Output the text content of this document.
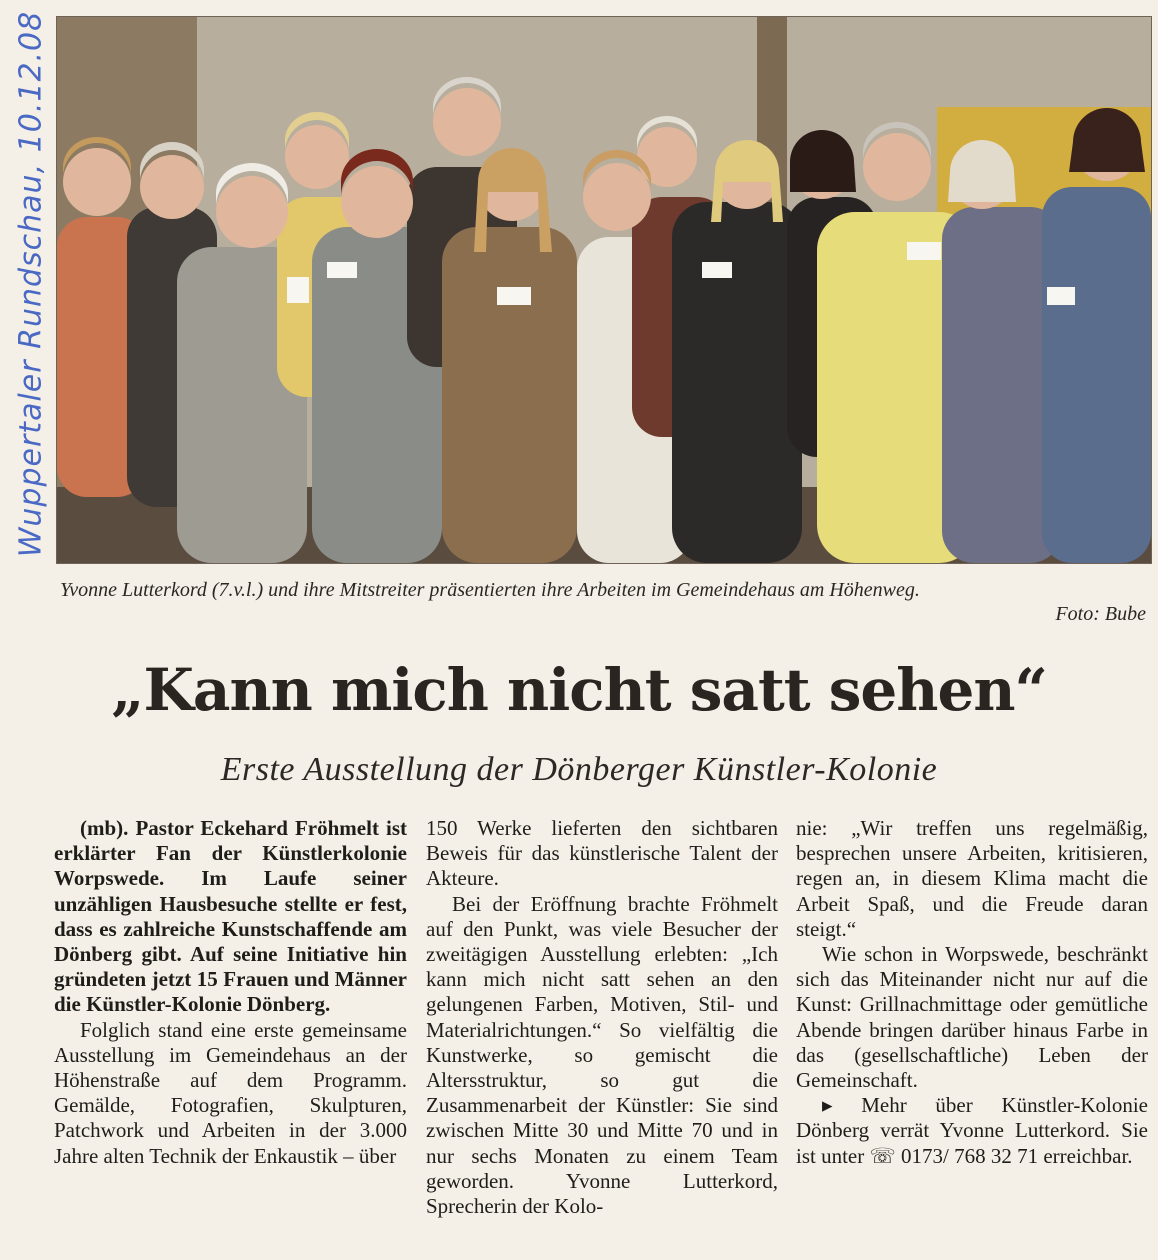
Wuppertaler Rundschau, 10.12.08
Yvonne Lutterkord (7.v.l.) und ihre Mitstreiter präsentierten ihre Arbeiten im Gemeindehaus am Höhenweg.
Foto: Bube
„Kann mich nicht satt sehen“
Erste Ausstellung der Dönberger Künstler-Kolonie

(mb). Pastor Eckehard Fröhmelt ist erklärter Fan der Künstlerkolonie Worpswede. Im Laufe seiner unzähligen Hausbesuche stellte er fest, dass es zahlreiche Kunstschaffende am Dönberg gibt. Auf seine Initiative hin gründeten jetzt 15 Frauen und Männer die Künstler-Kolonie Dönberg.

Folglich stand eine erste gemeinsame Ausstellung im Gemeindehaus an der Höhenstraße auf dem Programm. Gemälde, Fotografien, Skulpturen, Patchwork und Arbeiten in der 3.000 Jahre alten Technik der Enkaustik – über

150 Werke lieferten den sichtbaren Beweis für das künstlerische Talent der Akteure.

Bei der Eröffnung brachte Fröhmelt auf den Punkt, was viele Besucher der zweitägigen Ausstellung erlebten: „Ich kann mich nicht satt sehen an den gelungenen Farben, Motiven, Stil- und Materialrichtungen.“ So vielfältig die Kunstwerke, so gemischt die Altersstruktur, so gut die Zusammenarbeit der Künstler: Sie sind zwischen Mitte 30 und Mitte 70 und in nur sechs Monaten zu einem Team geworden. Yvonne Lutterkord, Sprecherin der Kolo-

nie: „Wir treffen uns regelmäßig, besprechen unsere Arbeiten, kritisieren, regen an, in diesem Klima macht die Arbeit Spaß, und die Freude daran steigt.“

Wie schon in Worpswede, beschränkt sich das Miteinander nicht nur auf die Kunst: Grillnachmittage oder gemütliche Abende bringen darüber hinaus Farbe in das (gesellschaftliche) Leben der Gemeinschaft.

▸ Mehr über Künstler-Kolonie Dönberg verrät Yvonne Lutterkord. Sie ist unter ☏ 0173/ 768 32 71 erreichbar.
